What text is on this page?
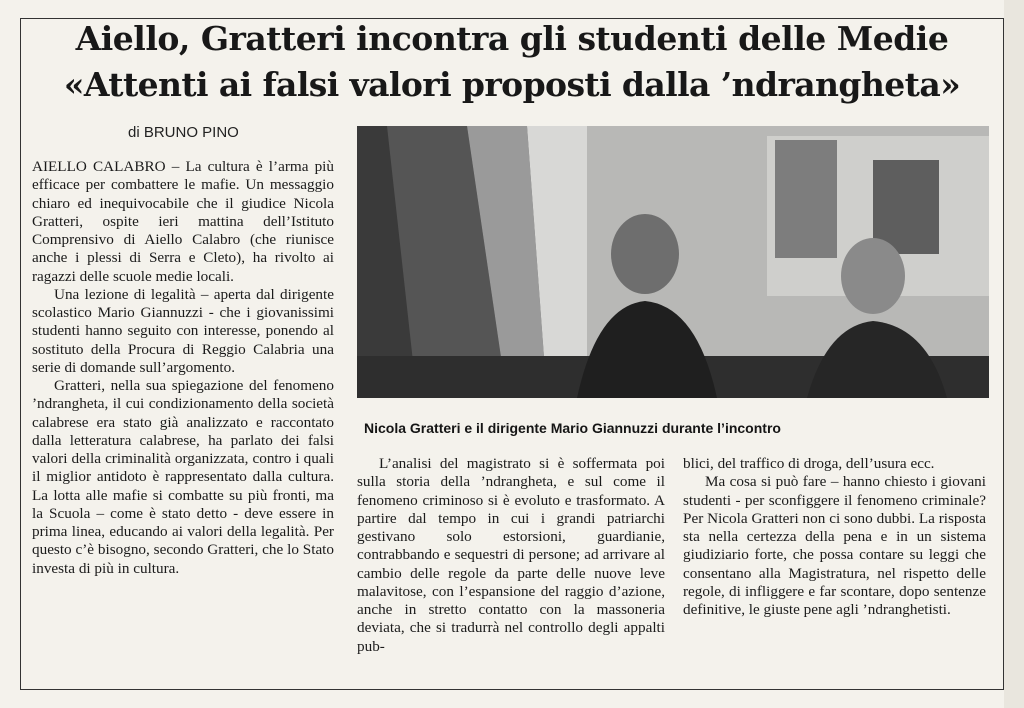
Aiello, Gratteri incontra gli studenti delle Medie
«Attenti ai falsi valori proposti dalla ’ndrangheta»
di BRUNO PINO

AIELLO CALABRO – La cultura è l’arma più efficace per combattere le mafie. Un messaggio chiaro ed inequivocabile che il giudice Nicola Gratteri, ospite ieri mattina dell’Istituto Comprensivo di Aiello Calabro (che riunisce anche i plessi di Serra e Cleto), ha rivolto ai ragazzi delle scuole medie locali.

Una lezione di legalità – aperta dal dirigente scolastico Mario Giannuzzi - che i giovanissimi studenti hanno seguito con interesse, ponendo al sostituto della Procura di Reggio Calabria una serie di domande sull’argomento.

Gratteri, nella sua spiegazione del fenomeno ’ndrangheta, il cui condizionamento della società calabrese era stato già analizzato e raccontato dalla letteratura calabrese, ha parlato dei falsi valori della criminalità organizzata, contro i quali il miglior antidoto è rappresentato dalla cultura. La lotta alle mafie si combatte su più fronti, ma la Scuola – come è stato detto - deve essere in prima linea, educando ai valori della legalità. Per questo c’è bisogno, secondo Gratteri, che lo Stato investa di più in cultura.

Nicola Gratteri e il dirigente Mario Giannuzzi durante l’incontro

L’analisi del magistrato si è soffermata poi sulla storia della ’ndrangheta, e sul come il fenomeno criminoso si è evoluto e trasformato. A partire dal tempo in cui i grandi patriarchi gestivano solo estorsioni, guardianie, contrabbando e sequestri di persone; ad arrivare al cambio delle regole da parte delle nuove leve malavitose, con l’espansione del raggio d’azione, anche in stretto contatto con la massoneria deviata, che si tradurrà nel controllo degli appalti pub-

blici, del traffico di droga, dell’usura ecc.

Ma cosa si può fare – hanno chiesto i giovani studenti - per sconfiggere il fenomeno criminale? Per Nicola Gratteri non ci sono dubbi. La risposta sta nella certezza della pena e in un sistema giudiziario forte, che possa contare su leggi che consentano alla Magistratura, nel rispetto delle regole, di infliggere e far scontare, dopo sentenze definitive, le giuste pene agli ’ndranghetisti.
